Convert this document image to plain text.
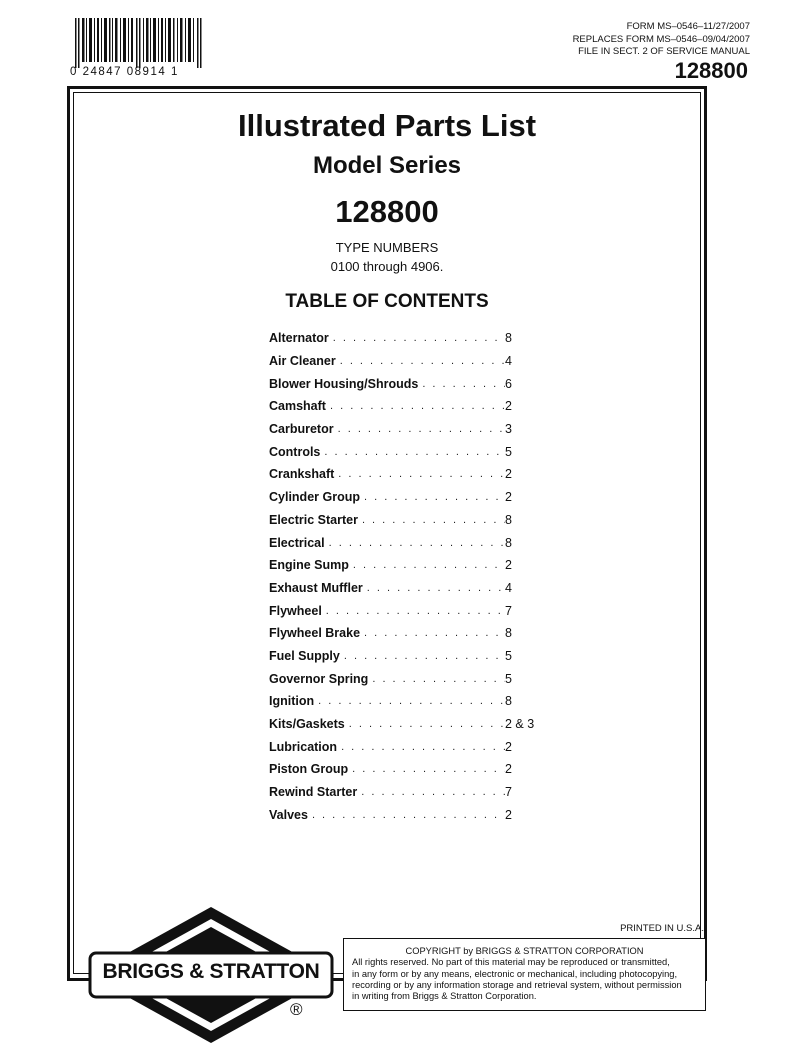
0 24847 08914 1
FORM MS–0546–11/27/2007
REPLACES FORM MS–0546–09/04/2007
FILE IN SECT. 2 OF SERVICE MANUAL
128800
Illustrated Parts List
Model Series
128800
TYPE NUMBERS
0100 through 4906.
TABLE OF CONTENTS
Alternator . . .	8
Air Cleaner . . .	4
Blower Housing/Shrouds . . .	6
Camshaft . . .	2
Carburetor . . .	3
Controls . . .	5
Crankshaft . . .	2
Cylinder Group . . .	2
Electric Starter . . .	8
Electrical . . .	8
Engine Sump . . .	2
Exhaust Muffler . . .	4
Flywheel . . .	7
Flywheel Brake . . .	8
Fuel Supply . . .	5
Governor Spring . . .	5
Ignition . . .	8
Kits/Gaskets . . .	2 & 3
Lubrication . . .	2
Piston Group . . .	2
Rewind Starter . . .	7
Valves . . .	2
PRINTED IN U.S.A.
BRIGGS & STRATTON
®
COPYRIGHT by BRIGGS & STRATTON CORPORATION
All rights reserved. No part of this material may be reproduced or transmitted,
in any form or by any means, electronic or mechanical, including photocopying,
recording or by any information storage and retrieval system, without permission
in writing from Briggs & Stratton Corporation.
